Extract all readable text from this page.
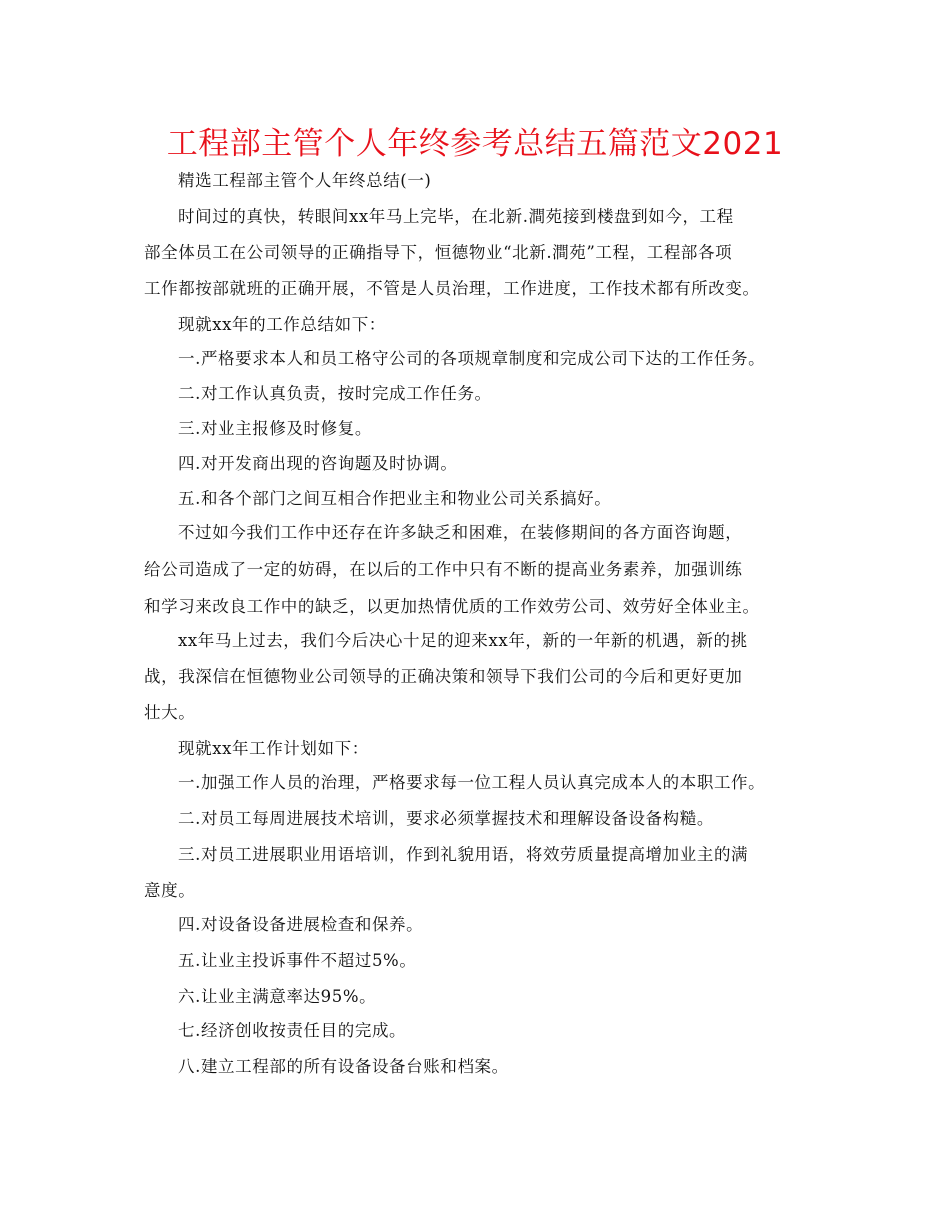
工程部主管个人年终参考总结五篇范文2021
精选工程部主管个人年终总结(一)
时间过的真快，转眼间xx年马上完毕，在北新.澗苑接到楼盘到如今，工程
部全体员工在公司领导的正确指导下，恒德物业“北新.澗苑”工程，工程部各项
工作都按部就班的正确开展，不管是人员治理，工作进度，工作技术都有所改变。
现就xx年的工作总结如下：
一.严格要求本人和员工格守公司的各项规章制度和完成公司下达的工作任务。
二.对工作认真负责，按时完成工作任务。
三.对业主报修及时修复。
四.对开发商出现的咨询题及时协调。
五.和各个部门之间互相合作把业主和物业公司关系搞好。
不过如今我们工作中还存在许多缺乏和困难，在装修期间的各方面咨询题，
给公司造成了一定的妨碍，在以后的工作中只有不断的提高业务素养，加强训练
和学习来改良工作中的缺乏，以更加热情优质的工作效劳公司、效劳好全体业主。
xx年马上过去，我们今后决心十足的迎来xx年，新的一年新的机遇，新的挑
战，我深信在恒德物业公司领导的正确决策和领导下我们公司的今后和更好更加
壮大。
现就xx年工作计划如下：
一.加强工作人员的治理，严格要求每一位工程人员认真完成本人的本职工作。
二.对员工每周进展技术培训，要求必须掌握技术和理解设备设备构糙。
三.对员工进展职业用语培训，作到礼貌用语，将效劳质量提高增加业主的满
意度。
四.对设备设备进展检查和保养。
五.让业主投诉事件不超过5%。
六.让业主满意率达95%。
七.经济创收按责任目的完成。
八.建立工程部的所有设备设备台账和档案。
